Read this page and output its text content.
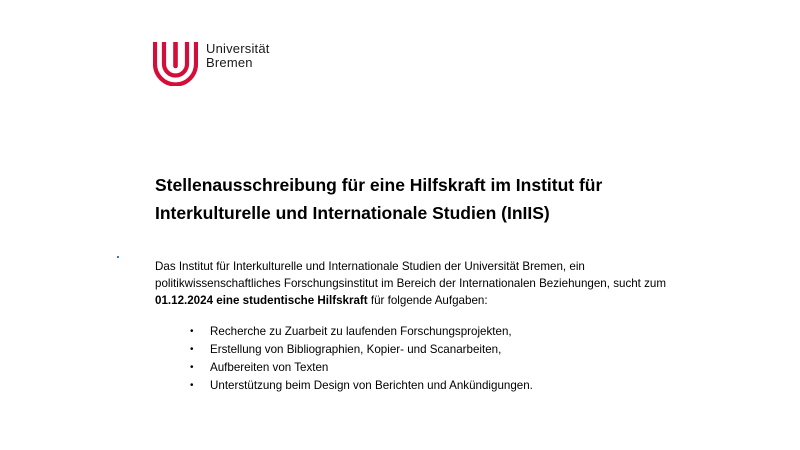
Universität
Bremen
Stellenausschreibung für eine Hilfskraft im Institut für
Interkulturelle und Internationale Studien (InIIS)
Das Institut für Interkulturelle und Internationale Studien der Universität Bremen, ein
politikwissenschaftliches Forschungsinstitut im Bereich der Internationalen Beziehungen, sucht zum
01.12.2024 eine studentische Hilfskraft für folgende Aufgaben:
• Recherche zu Zuarbeit zu laufenden Forschungsprojekten,
• Erstellung von Bibliographien, Kopier- und Scanarbeiten,
• Aufbereiten von Texten
• Unterstützung beim Design von Berichten und Ankündigungen.
